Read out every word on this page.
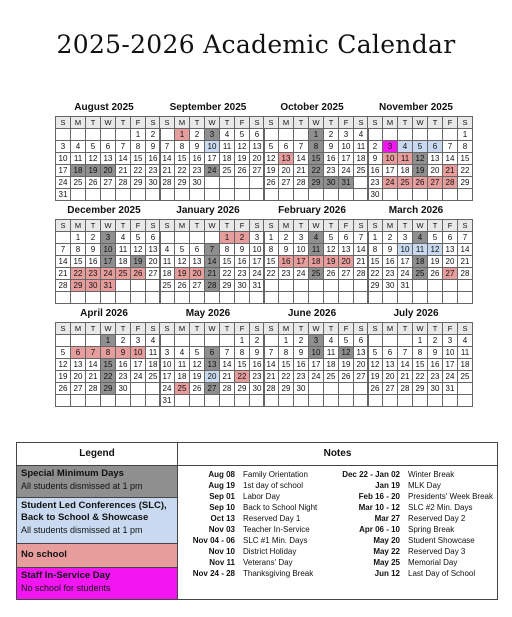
2025-2026 Academic Calendar
August 2025
S	M	T	W	T	F	S
					1	2
3	4	5	6	7	8	9
10	11	12	13	14	15	16
17	18	19	20	21	22	23
24	25	26	27	28	29	30
31						
September 2025
S	M	T	W	T	F	S
	1	2	3	4	5	6
7	8	9	10	11	12	13
14	15	16	17	18	19	20
21	22	23	24	25	26	27
28	29	30				

October 2025
S	M	T	W	T	F	S
			1	2	3	4
5	6	7	8	9	10	11
12	13	14	15	16	17	18
19	20	21	22	23	24	25
26	27	28	29	30	31	

November 2025
S	M	T	W	T	F	S
						1
2	3	4	5	6	7	8
9	10	11	12	13	14	15
16	17	18	19	20	21	22
23	24	25	26	27	28	29
30						
December 2025
S	M	T	W	T	F	S
	1	2	3	4	5	6
7	8	9	10	11	12	13
14	15	16	17	18	19	20
21	22	23	24	25	26	27
28	29	30	31			

January 2026
S	M	T	W	T	F	S
				1	2	3
4	5	6	7	8	9	10
11	12	13	14	15	16	17
18	19	20	21	22	23	24
25	26	27	28	29	30	31

February 2026
S	M	T	W	T	F	S
1	2	3	4	5	6	7
8	9	10	11	12	13	14
15	16	17	18	19	20	21
22	23	24	25	26	27	28

March 2026
S	M	T	W	T	F	S
1	2	3	4	5	6	7
8	9	10	11	12	13	14
15	16	17	18	19	20	21
22	23	24	25	26	27	28
29	30	31				

April 2026
S	M	T	W	T	F	S
			1	2	3	4
5	6	7	8	9	10	11
12	13	14	15	16	17	18
19	20	21	22	23	24	25
26	27	28	29	30		

May 2026
S	M	T	W	T	F	S
					1	2
3	4	5	6	7	8	9
10	11	12	13	14	15	16
17	18	19	20	21	22	23
24	25	26	27	28	29	30
31						
June 2026
S	M	T	W	T	F	S
	1	2	3	4	5	6
7	8	9	10	11	12	13
14	15	16	17	18	19	20
21	22	23	24	25	26	27
28	29	30				

July 2026
S	M	T	W	T	F	S
			1	2	3	4
5	6	7	8	9	10	11
12	13	14	15	16	17	18
19	20	21	22	23	24	25
26	27	28	29	30	31	

Legend
Special Minimum Days
All students dismissed at 1 pm
Student Led Conferences (SLC), Back to School & Showcase
All students dismissed at 1 pm
No school
Staff In-Service Day
No school for students
Notes
Aug 08 Family Orientation
Aug 19 1st day of school
Sep 01 Labor Day
Sep 10 Back to School Night
Oct 13 Reserved Day 1
Nov 03 Teacher In-Service
Nov 04 - 06 SLC #1 Min. Days
Nov 10 District Holiday
Nov 11 Veterans' Day
Nov 24 - 28 Thanksgiving Break
Dec 22 - Jan 02 Winter Break
Jan 19 MLK Day
Feb 16 - 20 Presidents' Week Break
Mar 10 - 12 SLC #2 Min. Days
Mar 27 Reserved Day 2
Apr 06 - 10 Spring Break
May 20 Student Showcase
May 22 Reserved Day 3
May 25 Memorial Day
Jun 12 Last Day of School
